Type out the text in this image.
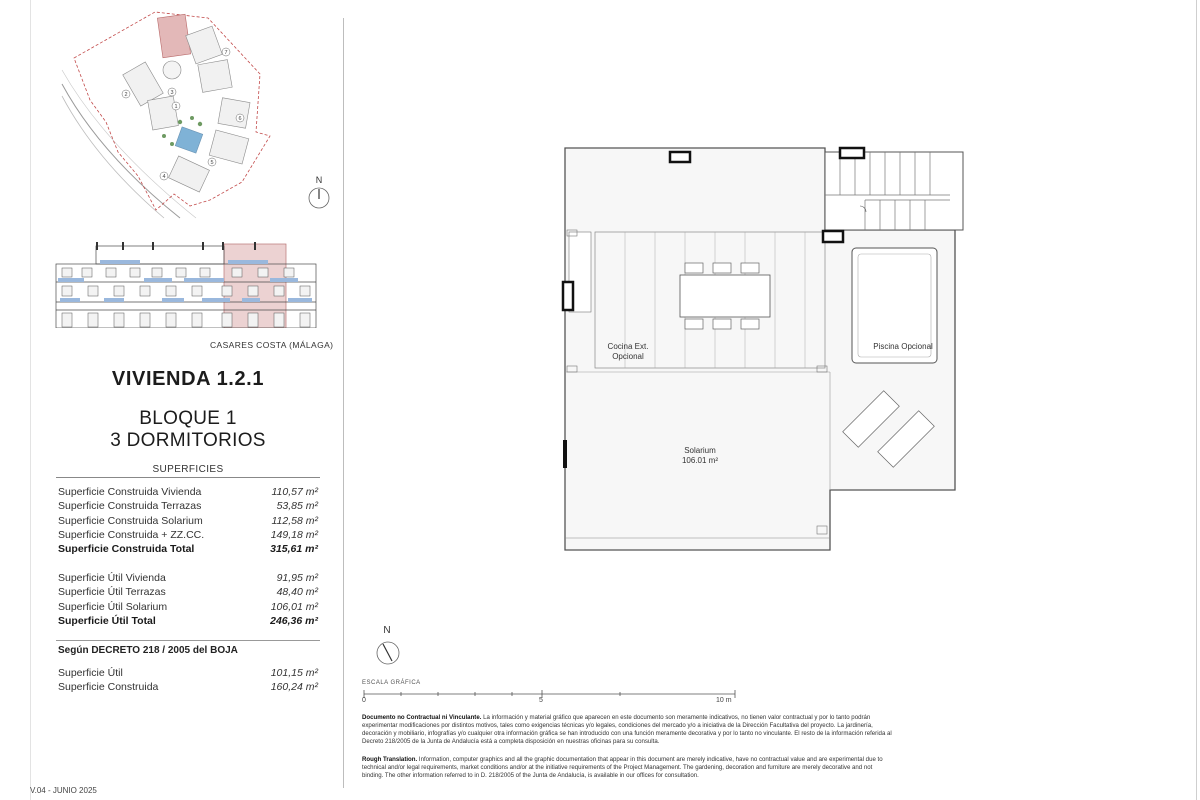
1
2	3
4
5
6
7
N
CASARES COSTA (MÁLAGA)
VIVIENDA 1.2.1
BLOQUE 1
3 DORMITORIOS
SUPERFICIES
Superficie Construida Vivienda	110,57 m²
Superficie Construida Terrazas	53,85 m²
Superficie Construida Solarium	112,58 m²
Superficie Construida + ZZ.CC.	149,18 m²
Superficie Construida Total	315,61 m²
Superficie Útil Vivienda	91,95 m²
Superficie Útil Terrazas	48,40 m²
Superficie Útil Solarium	106,01 m²
Superficie Útil Total	246,36 m²
Según DECRETO 218 / 2005 del BOJA
Superficie Útil	101,15 m²
Superficie Construida	160,24 m²
V.04 - JUNIO 2025
Cocina Ext.
Opcional
Piscina Opcional
Solarium
106.01 m²
N
ESCALA GRÁFICA
0	5	10 m
Documento no Contractual ni Vinculante. La información y material gráfico que aparecen en este documento son meramente indicativos, no tienen valor contractual y por lo tanto podrán experimentar modificaciones por distintos motivos, tales como exigencias técnicas y/o legales, condiciones del mercado y/o a iniciativa de la Dirección Facultativa del proyecto. La jardinería, decoración y mobiliario, infografías y/o cualquier otra información gráfica se han introducido con una función meramente decorativa y por lo tanto no vinculante. El resto de la información referida al Decreto 218/2005 de la Junta de Andalucía está a completa disposición en nuestras oficinas para su consulta.
Rough Translation. Information, computer graphics and all the graphic documentation that appear in this document are merely indicative, have no contractual value and are experimental due to technical and/or legal requirements, market conditions and/or at the initiative requirements of the Project Management. The gardening, decoration and furniture are merely decorative and not binding. The other information referred to in D. 218/2005 of the Junta de Andalucía, is available in our offices for consultation.
